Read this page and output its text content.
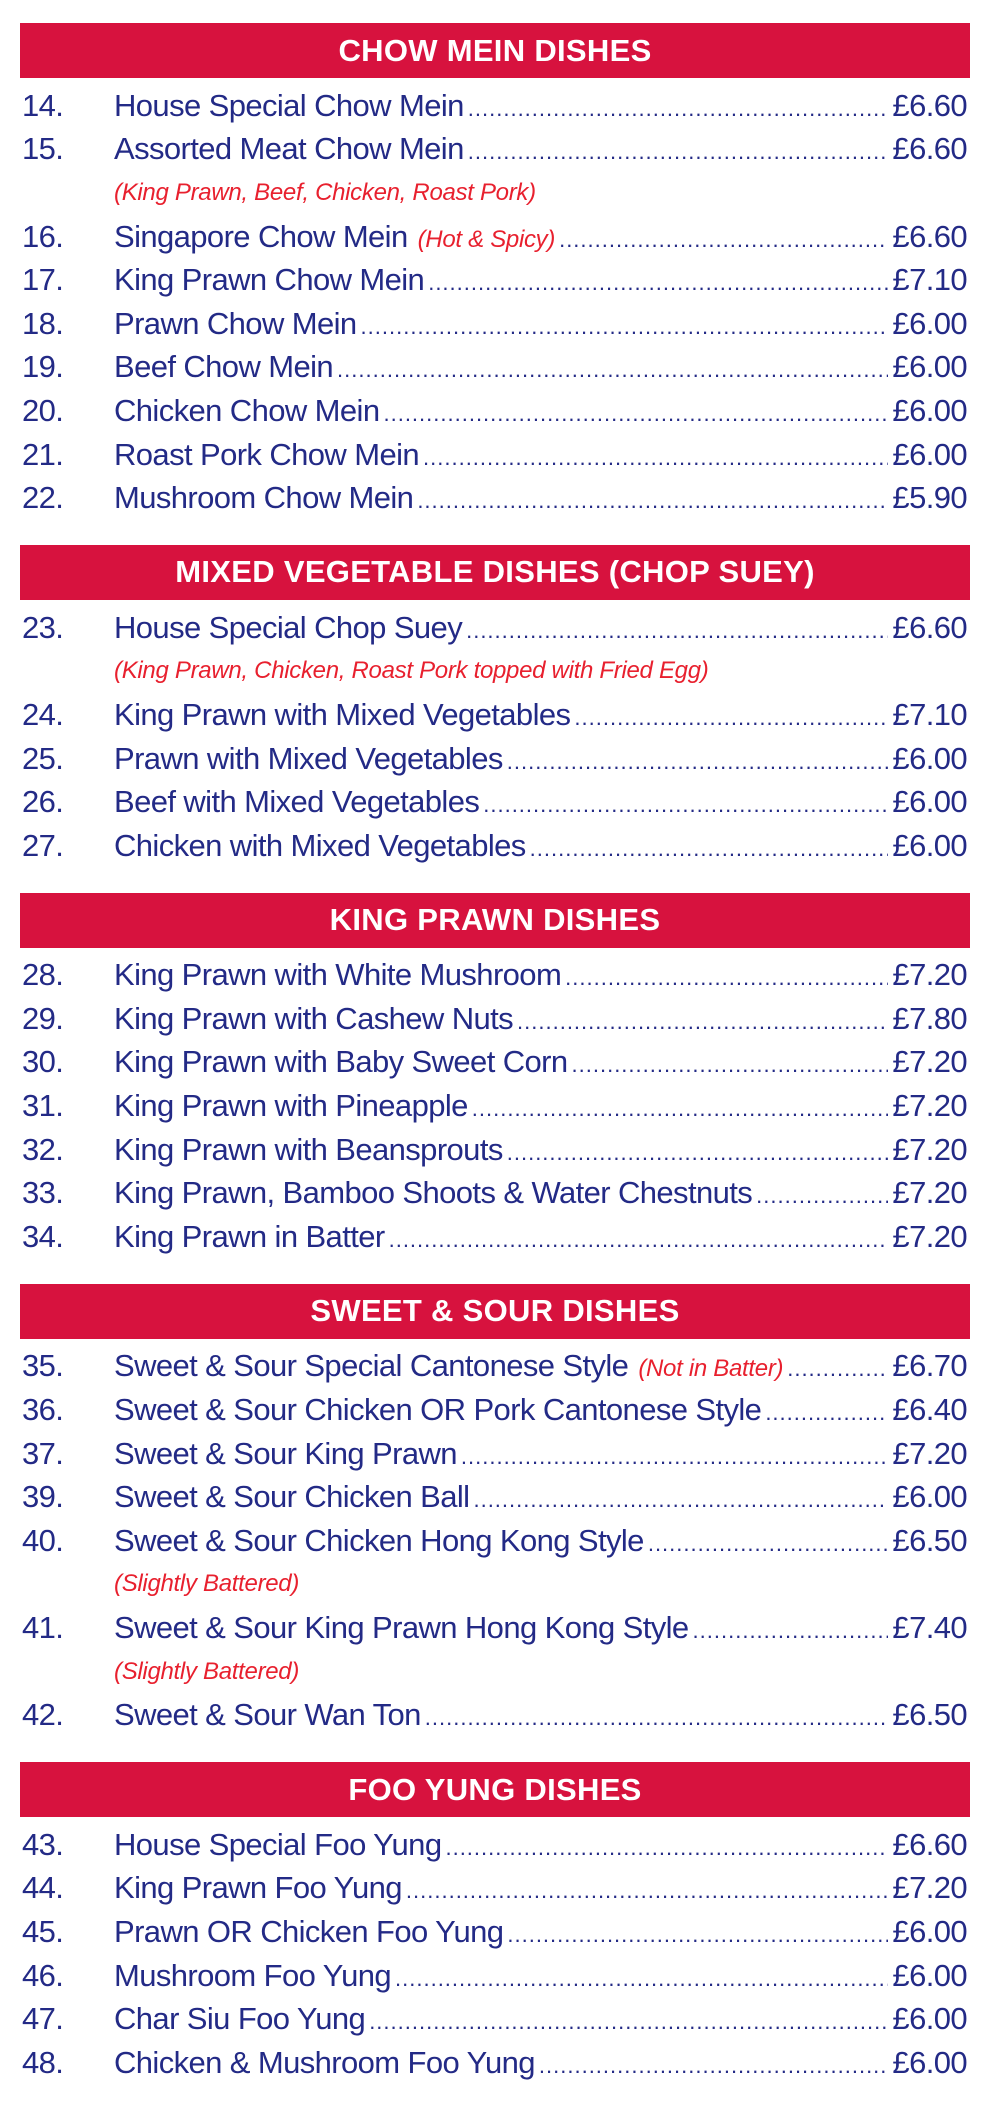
CHOW MEIN DISHES
14.	House Special Chow Mein .....	£6.60
15.	Assorted Meat Chow Mein .....	£6.60
(King Prawn, Beef, Chicken, Roast Pork)
16.	Singapore Chow Mein (Hot & Spicy) .....	£6.60
17.	King Prawn Chow Mein .....	£7.10
18.	Prawn Chow Mein .....	£6.00
19.	Beef Chow Mein .....	£6.00
20.	Chicken Chow Mein .....	£6.00
21.	Roast Pork Chow Mein .....	£6.00
22.	Mushroom Chow Mein .....	£5.90
MIXED VEGETABLE DISHES (CHOP SUEY)
23.	House Special Chop Suey .....	£6.60
(King Prawn, Chicken, Roast Pork topped with Fried Egg)
24.	King Prawn with Mixed Vegetables .....	£7.10
25.	Prawn with Mixed Vegetables .....	£6.00
26.	Beef with Mixed Vegetables .....	£6.00
27.	Chicken with Mixed Vegetables .....	£6.00
KING PRAWN DISHES
28.	King Prawn with White Mushroom .....	£7.20
29.	King Prawn with Cashew Nuts .....	£7.80
30.	King Prawn with Baby Sweet Corn .....	£7.20
31.	King Prawn with Pineapple .....	£7.20
32.	King Prawn with Beansprouts .....	£7.20
33.	King Prawn, Bamboo Shoots & Water Chestnuts .....	£7.20
34.	King Prawn in Batter .....	£7.20
SWEET & SOUR DISHES
35.	Sweet & Sour Special Cantonese Style (Not in Batter) .....	£6.70
36.	Sweet & Sour Chicken OR Pork Cantonese Style .....	£6.40
37.	Sweet & Sour King Prawn .....	£7.20
39.	Sweet & Sour Chicken Ball .....	£6.00
40.	Sweet & Sour Chicken Hong Kong Style .....	£6.50
(Slightly Battered)
41.	Sweet & Sour King Prawn Hong Kong Style .....	£7.40
(Slightly Battered)
42.	Sweet & Sour Wan Ton .....	£6.50
FOO YUNG DISHES
43.	House Special Foo Yung .....	£6.60
44.	King Prawn Foo Yung .....	£7.20
45.	Prawn OR Chicken Foo Yung .....	£6.00
46.	Mushroom Foo Yung .....	£6.00
47.	Char Siu Foo Yung .....	£6.00
48.	Chicken & Mushroom Foo Yung .....	£6.00
